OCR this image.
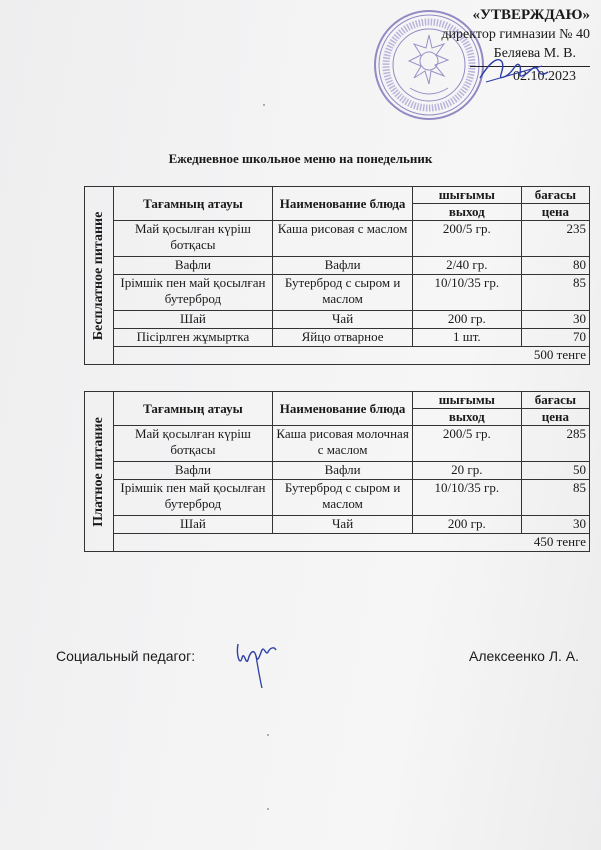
«УТВЕРЖДАЮ»
директор гимназии № 40
Беляева М. В.
02.10.2023
Ежедневное школьное меню на понедельник
Бесплатное питание	Тағамның атауы	Наименование блюда	шығымы	бағасы
			выход	цена
	Май қосылған күріш ботқасы	Каша рисовая с маслом	200/5 гр.	235
	Вафли	Вафли	2/40 гр.	80
	Ірімшік пен май қосылған бутерброд	Бутерброд с сыром и маслом	10/10/35 гр.	85
	Шай	Чай	200 гр.	30
	Пісірлген жұмыртка	Яйцо отварное	1 шт.	70
	500 тенге			
Платное питание	Тағамның атауы	Наименование блюда	шығымы	бағасы
			выход	цена
	Май қосылған күріш ботқасы	Каша рисовая молочная с маслом	200/5 гр.	285
	Вафли	Вафли	20 гр.	50
	Ірімшік пен май қосылған бутерброд	Бутерброд с сыром и маслом	10/10/35 гр.	85
	Шай	Чай	200 гр.	30
	450 тенге			
Социальный педагог:	Алексеенко Л. А.
